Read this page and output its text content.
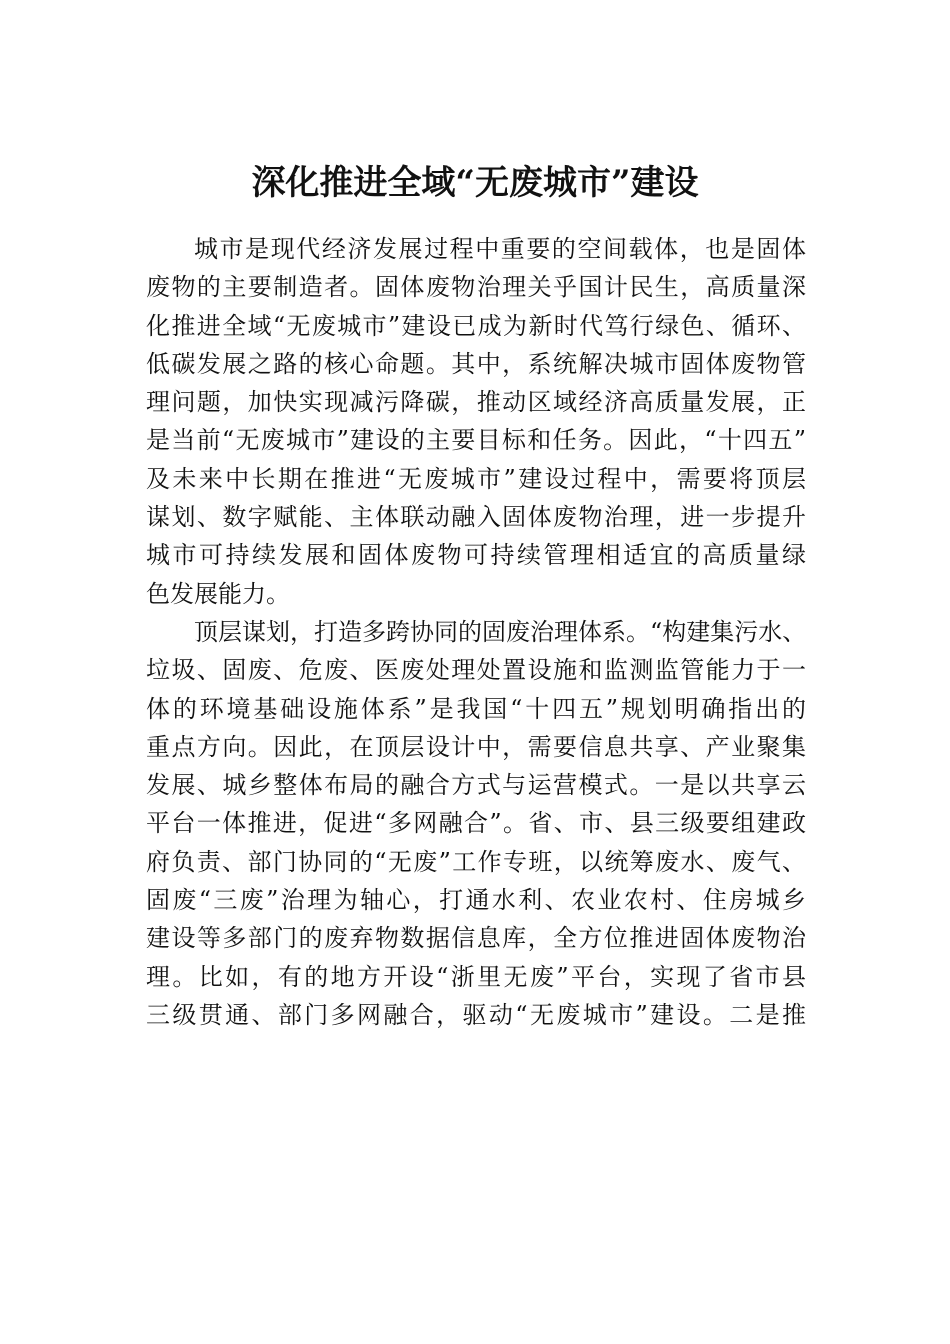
深化推进全域“无废城市”建设
城市是现代经济发展过程中重要的空间载体，也是固体
废物的主要制造者。固体废物治理关乎国计民生，高质量深
化推进全域“无废城市”建设已成为新时代笃行绿色、循环、
低碳发展之路的核心命题。其中，系统解决城市固体废物管
理问题，加快实现减污降碳，推动区域经济高质量发展，正
是当前“无废城市”建设的主要目标和任务。因此，“十四五”
及未来中长期在推进“无废城市”建设过程中，需要将顶层
谋划、数字赋能、主体联动融入固体废物治理，进一步提升
城市可持续发展和固体废物可持续管理相适宜的高质量绿
色发展能力。
顶层谋划，打造多跨协同的固废治理体系。“构建集污水、
垃圾、固废、危废、医废处理处置设施和监测监管能力于一
体的环境基础设施体系”是我国“十四五”规划明确指出的
重点方向。因此，在顶层设计中，需要信息共享、产业聚集
发展、城乡整体布局的融合方式与运营模式。一是以共享云
平台一体推进，促进“多网融合”。省、市、县三级要组建政
府负责、部门协同的“无废”工作专班，以统筹废水、废气、
固废“三废”治理为轴心，打通水利、农业农村、住房城乡
建设等多部门的废弃物数据信息库，全方位推进固体废物治
理。比如，有的地方开设“浙里无废”平台，实现了省市县
三级贯通、部门多网融合，驱动“无废城市”建设。二是推
